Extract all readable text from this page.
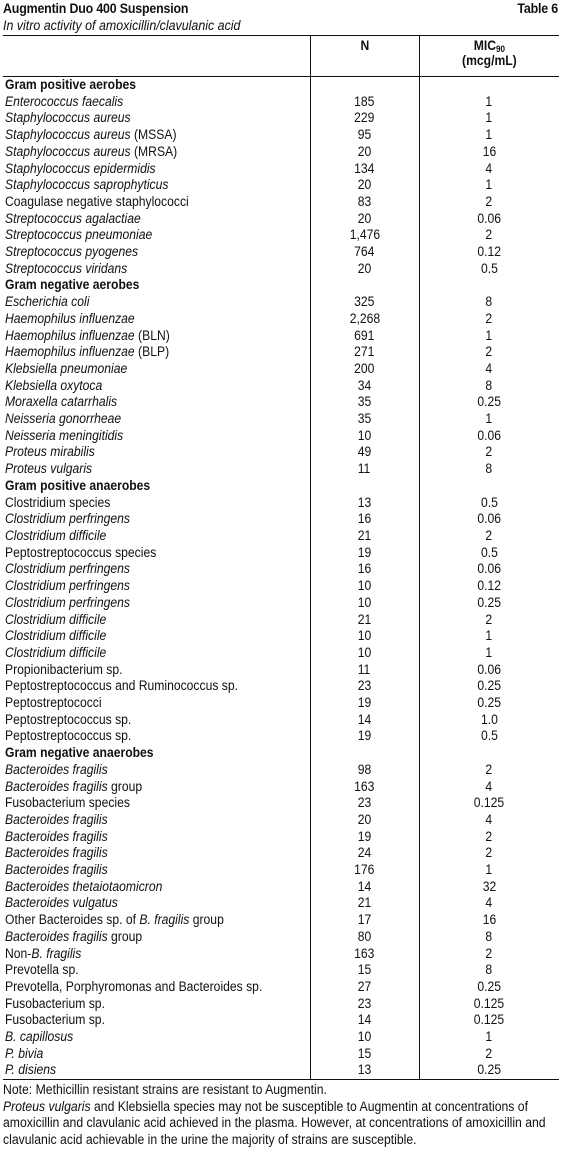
Augmentin Duo 400 Suspension	Table 6
In vitro activity of amoxicillin/clavulanic acid
	N	$MIC_{90}$
(mcg/mL)
Gram positive aerobes		
Enterococcus faecalis	185	1
Staphylococcus aureus	229	1
Staphylococcus aureus (MSSA)	95	1
Staphylococcus aureus (MRSA)	20	16
Staphylococcus epidermidis	134	4
Staphylococcus saprophyticus	20	1
Coagulase negative staphylococci	83	2
Streptococcus agalactiae	20	0.06
Streptococcus pneumoniae	1,476	2
Streptococcus pyogenes	764	0.12
Streptococcus viridans	20	0.5
Gram negative aerobes		
Escherichia coli	325	8
Haemophilus influenzae	2,268	2
Haemophilus influenzae (BLN)	691	1
Haemophilus influenzae (BLP)	271	2
Klebsiella pneumoniae	200	4
Klebsiella oxytoca	34	8
Moraxella catarrhalis	35	0.25
Neisseria gonorrheae	35	1
Neisseria meningitidis	10	0.06
Proteus mirabilis	49	2
Proteus vulgaris	11	8
Gram positive anaerobes		
Clostridium species	13	0.5
Clostridium perfringens	16	0.06
Clostridium difficile	21	2
Peptostreptococcus species	19	0.5
Clostridium perfringens	16	0.06
Clostridium perfringens	10	0.12
Clostridium perfringens	10	0.25
Clostridium difficile	21	2
Clostridium difficile	10	1
Clostridium difficile	10	1
Propionibacterium sp.	11	0.06
Peptostreptococcus and Ruminococcus sp.	23	0.25
Peptostreptococci	19	0.25
Peptostreptococcus sp.	14	1.0
Peptostreptococcus sp.	19	0.5
Gram negative anaerobes		
Bacteroides fragilis	98	2
Bacteroides fragilis group	163	4
Fusobacterium species	23	0.125
Bacteroides fragilis	20	4
Bacteroides fragilis	19	2
Bacteroides fragilis	24	2
Bacteroides fragilis	176	1
Bacteroides thetaiotaomicron	14	32
Bacteroides vulgatus	21	4
Other Bacteroides sp. of B. fragilis group	17	16
Bacteroides fragilis group	80	8
Non-B. fragilis	163	2
Prevotella sp.	15	8
Prevotella, Porphyromonas and Bacteroides sp.	27	0.25
Fusobacterium sp.	23	0.125
Fusobacterium sp.	14	0.125
B. capillosus	10	1
P. bivia	15	2
P. disiens	13	0.25

Note: Methicillin resistant strains are resistant to Augmentin.

Proteus vulgaris and Klebsiella species may not be susceptible to Augmentin at concentrations of amoxicillin and clavulanic acid achieved in the plasma. However, at concentrations of amoxicillin and clavulanic acid achievable in the urine the majority of strains are susceptible.
